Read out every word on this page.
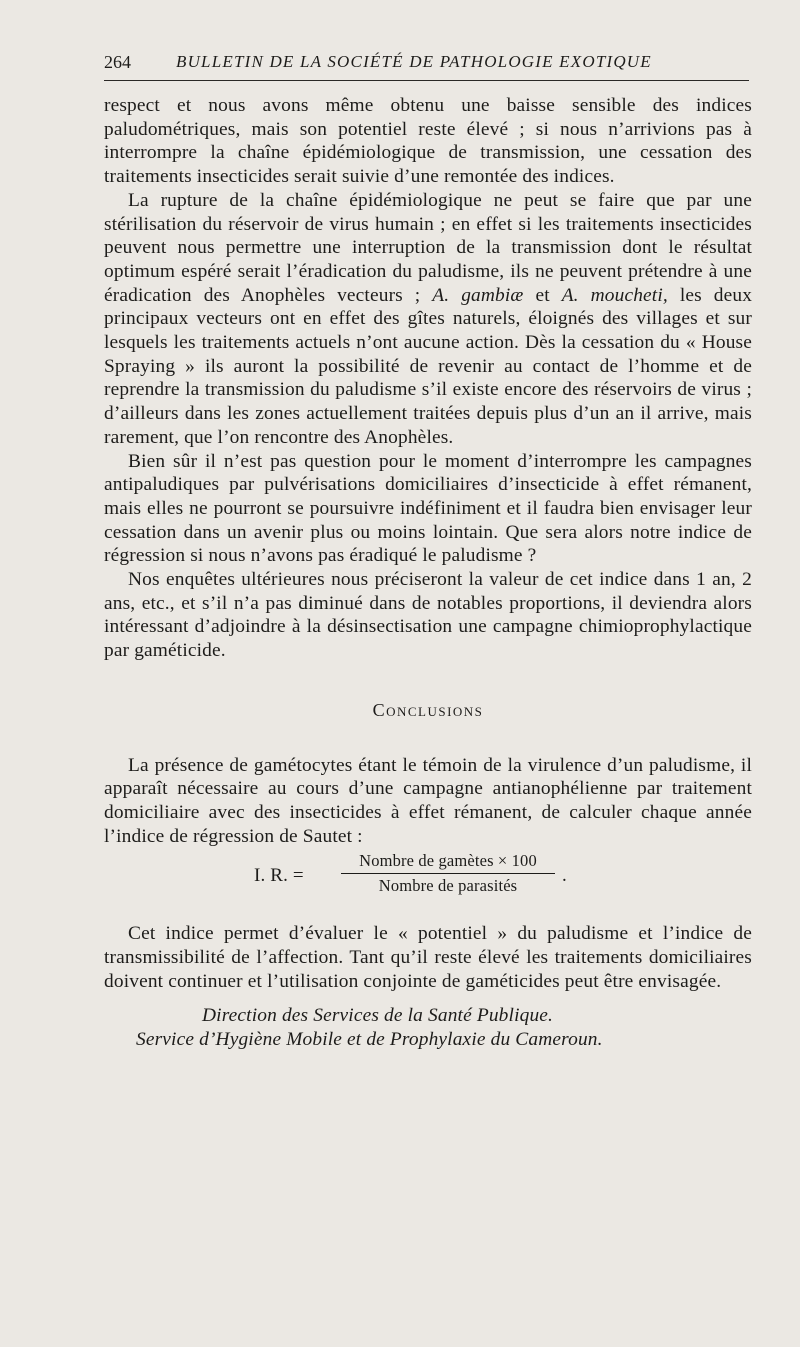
264	BULLETIN DE LA SOCIÉTÉ DE PATHOLOGIE EXOTIQUE

respect et nous avons même obtenu une baisse sensible des indices paludométriques, mais son potentiel reste élevé ; si nous n’arrivions pas à interrompre la chaîne épidémiologique de transmission, une cessation des traitements insecticides serait suivie d’une remontée des indices.

La rupture de la chaîne épidémiologique ne peut se faire que par une stérilisation du réservoir de virus humain ; en effet si les traitements insecticides peuvent nous permettre une interruption de la transmission dont le résultat optimum espéré serait l’éradication du paludisme, ils ne peuvent prétendre à une éradication des Anophèles vecteurs ; A. gambiæ et A. moucheti, les deux principaux vecteurs ont en effet des gîtes naturels, éloignés des villages et sur lesquels les traitements actuels n’ont aucune action. Dès la cessation du « House Spraying » ils auront la possibilité de revenir au contact de l’homme et de reprendre la transmission du paludisme s’il existe encore des réservoirs de virus ; d’ailleurs dans les zones actuellement traitées depuis plus d’un an il arrive, mais rarement, que l’on rencontre des Anophèles.

Bien sûr il n’est pas question pour le moment d’interrompre les campagnes antipaludiques par pulvérisations domiciliaires d’insecticide à effet rémanent, mais elles ne pourront se poursuivre indéfiniment et il faudra bien envisager leur cessation dans un avenir plus ou moins lointain. Que sera alors notre indice de régression si nous n’avons pas éradiqué le paludisme ?

Nos enquêtes ultérieures nous préciseront la valeur de cet indice dans 1 an, 2 ans, etc., et s’il n’a pas diminué dans de notables proportions, il deviendra alors intéressant d’adjoindre à la désinsectisation une campagne chimioprophylactique par gaméticide.

Conclusions

La présence de gamétocytes étant le témoin de la virulence d’un paludisme, il apparaît nécessaire au cours d’une campagne antianophélienne par traitement domiciliaire avec des insecticides à effet rémanent, de calculer chaque année l’indice de régression de Sautet :

I. R. =
Nombre de gamètes × 100
Nombre de parasités	.

Cet indice permet d’évaluer le « potentiel » du paludisme et l’indice de transmissibilité de l’affection. Tant qu’il reste élevé les traitements domiciliaires doivent continuer et l’utilisation conjointe de gaméticides peut être envisagée.

Direction des Services de la Santé Publique.
Service d’Hygiène Mobile et de Prophylaxie du Cameroun.
